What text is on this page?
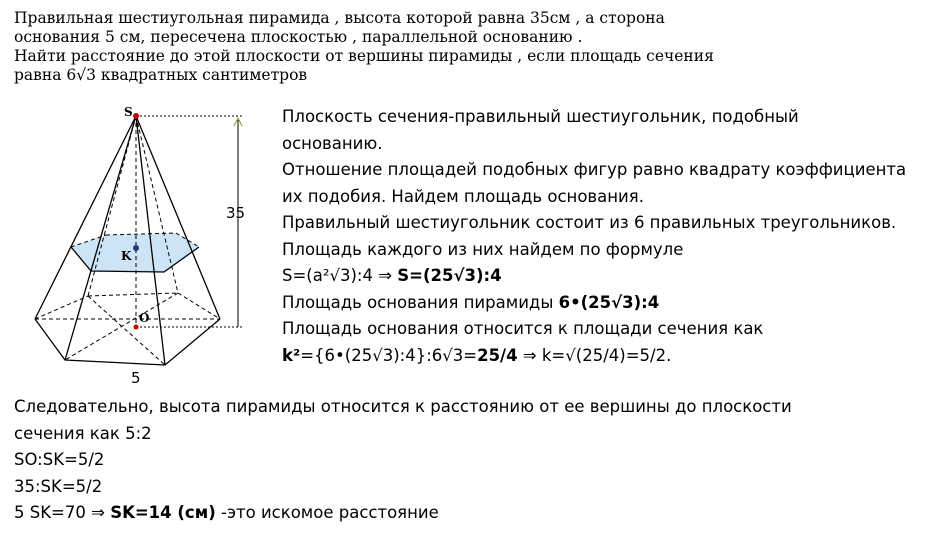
Правильная шестиугольная пирамида , высота которой равна 35см , а сторона
основания 5 см, пересечена плоскостью , параллельной основанию .
Найти расстояние до этой плоскости от вершины пирамиды , если площадь сечения
равна 6√3 квадратных сантиметров
S
K
O
35
5
Плоскость сечения-правильный шестиугольник, подобный
основанию.
Отношение площадей подобных фигур равно квадрату коэффициента
их подобия. Найдем площадь основания.
Правильный шестиугольник состоит из 6 правильных треугольников.
Площадь каждого из них найдем по формуле
S=(a²√3):4 ⇒ S=(25√3):4
Площадь основания пирамиды 6•(25√3):4
Площадь основания относится к площади сечения как
k²={6•(25√3):4}:6√3=25/4 ⇒ k=√(25/4)=5/2.
Следовательно, высота пирамиды относится к расстоянию от ее вершины до плоскости
сечения как 5:2
SO:SK=5/2
35:SK=5/2
5 SK=70 ⇒ SK=14 (см) -это искомое расстояние
